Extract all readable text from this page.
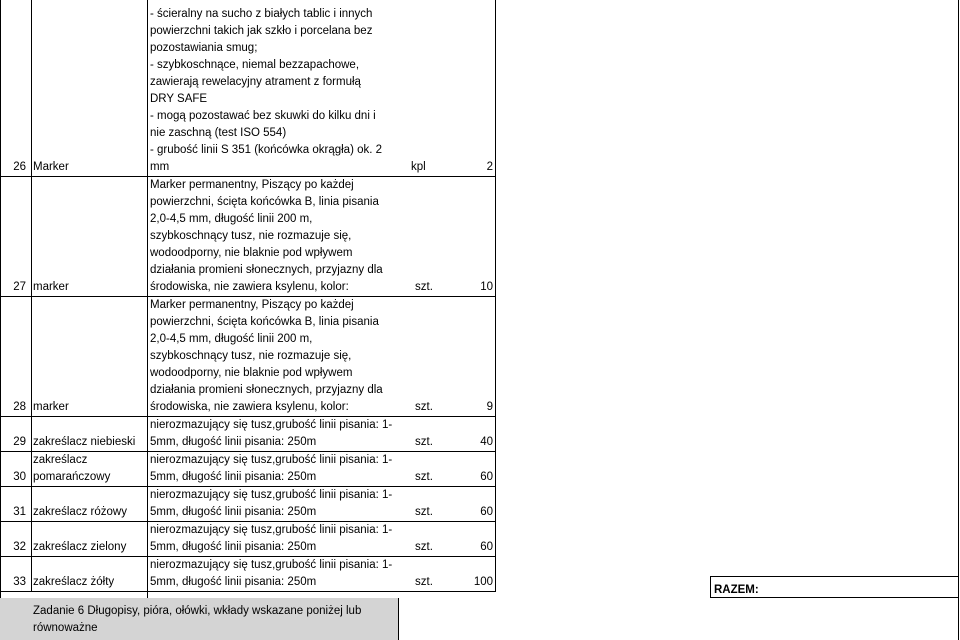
26 Marker
- ścieralny na sucho z białych tablic i innych
powierzchni takich jak szkło i porcelana bez
pozostawiania smug;
- szybkoschnące, niemal bezzapachowe,
zawierają rewelacyjny atrament z formułą
DRY SAFE
- mogą pozostawać bez skuwki do kilku dni i
nie zaschną (test ISO 554)
- grubość linii S 351 (końcówka okrągła) ok. 2
mm	kpl	2
27 marker
Marker permanentny, Piszący po każdej
powierzchni, ścięta końcówka B, linia pisania
2,0-4,5 mm, długość linii 200 m,
szybkoschnący tusz, nie rozmazuje się,
wodoodporny, nie blaknie pod wpływem
działania promieni słonecznych, przyjazny dla
środowiska, nie zawiera ksylenu, kolor:	szt.	10
28 marker
Marker permanentny, Piszący po każdej
powierzchni, ścięta końcówka B, linia pisania
2,0-4,5 mm, długość linii 200 m,
szybkoschnący tusz, nie rozmazuje się,
wodoodporny, nie blaknie pod wpływem
działania promieni słonecznych, przyjazny dla
środowiska, nie zawiera ksylenu, kolor:	szt.	9
29 zakreślacz niebieski
nierozmazujący się tusz,grubość linii pisania: 1-
5mm, długość linii pisania: 250m	szt.	40
30
zakreślacz
pomarańczowy
nierozmazujący się tusz,grubość linii pisania: 1-
5mm, długość linii pisania: 250m	szt.	60
31 zakreślacz różowy
nierozmazujący się tusz,grubość linii pisania: 1-
5mm, długość linii pisania: 250m	szt.	60
32 zakreślacz zielony
nierozmazujący się tusz,grubość linii pisania: 1-
5mm, długość linii pisania: 250m	szt.	60
33 zakreślacz żółty
nierozmazujący się tusz,grubość linii pisania: 1-
5mm, długość linii pisania: 250m	szt.	100
RAZEM:
Zadanie 6 Długopisy, pióra, ołówki, wkłady wskazane poniżej lub
równoważne
